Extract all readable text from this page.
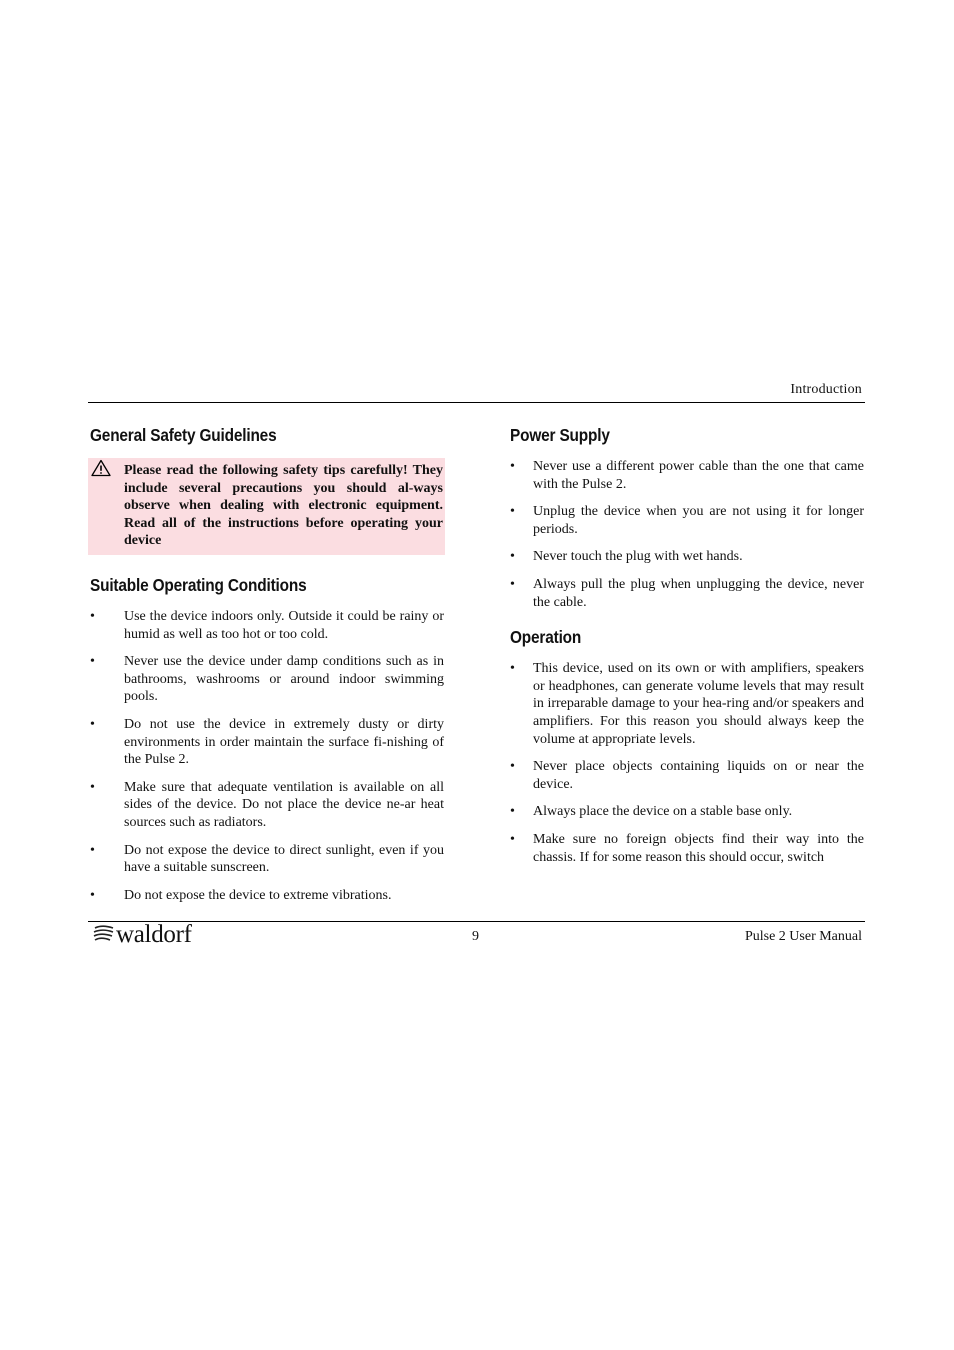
Introduction
General Safety Guidelines
Please read the following safety tips carefully! They include several precautions you should al-ways observe when dealing with electronic equipment. Read all of the instructions before operating your device
Suitable Operating Conditions
• Use the device indoors only. Outside it could be rainy or humid as well as too hot or too cold.
• Never use the device under damp conditions such as in bathrooms, washrooms or around indoor swimming pools.
• Do not use the device in extremely dusty or dirty environments in order maintain the surface fi-nishing of the Pulse 2.
• Make sure that adequate ventilation is available on all sides of the device. Do not place the device ne-ar heat sources such as radiators.
• Do not expose the device to direct sunlight, even if you have a suitable sunscreen.
• Do not expose the device to extreme vibrations.
Power Supply
• Never use a different power cable than the one that came with the Pulse 2.
• Unplug the device when you are not using it for longer periods.
• Never touch the plug with wet hands.
• Always pull the plug when unplugging the device, never the cable.
Operation
• This device, used on its own or with amplifiers, speakers or headphones, can generate volume levels that may result in irreparable damage to your hea-ring and/or speakers and amplifiers. For this reason you should always keep the volume at appropriate levels.
• Never place objects containing liquids on or near the device.
• Always place the device on a stable base only.
• Make sure no foreign objects find their way into the chassis. If for some reason this should occur, switch
waldorf	9	Pulse 2 User Manual
